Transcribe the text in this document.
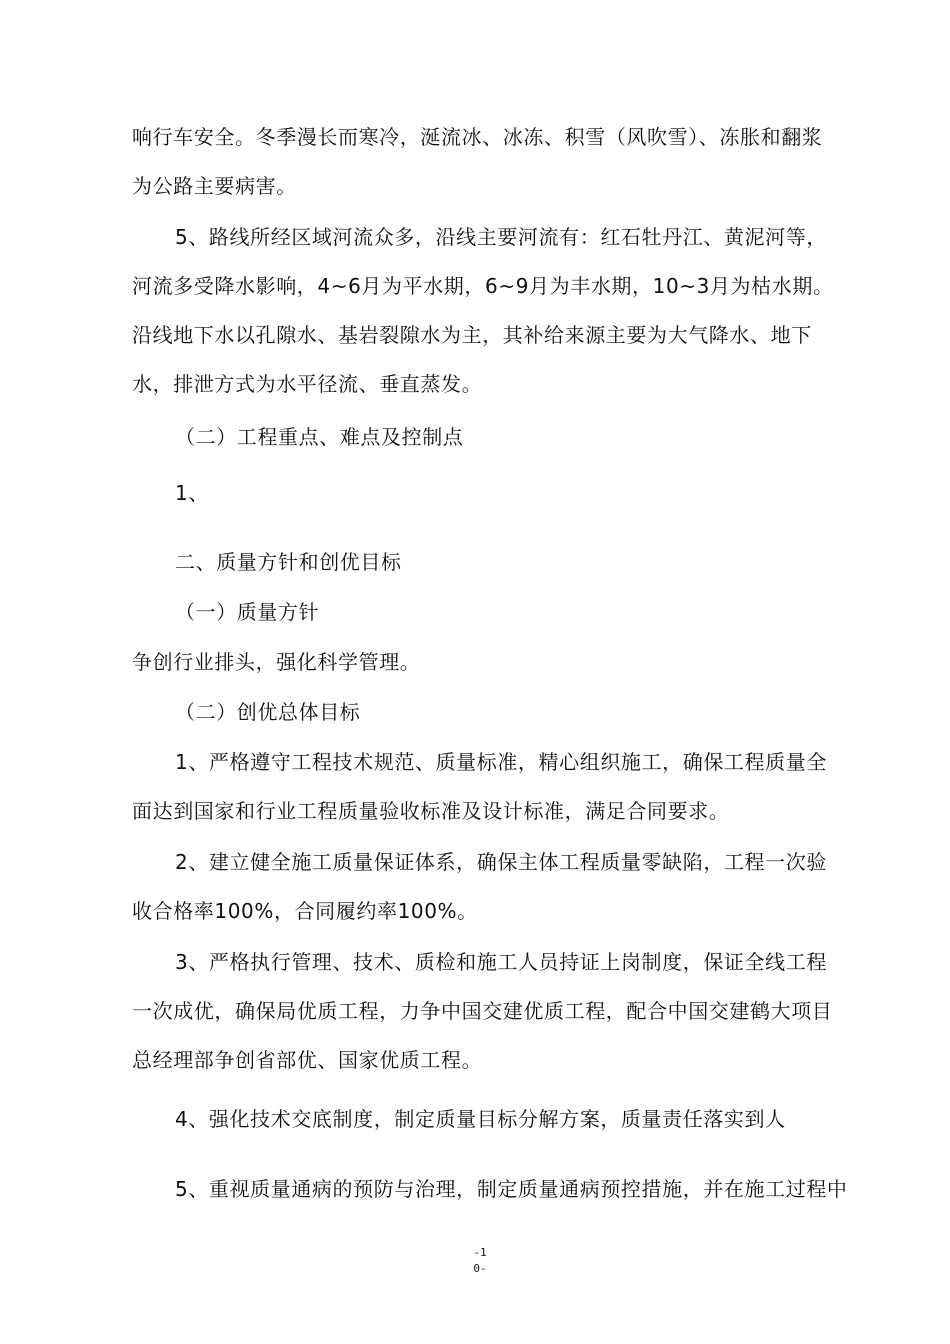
响行车安全。冬季漫长而寒冷，涎流冰、冰冻、积雪（风吹雪）、冻胀和翻浆为公路主要病害。
5、路线所经区域河流众多，沿线主要河流有：红石牡丹江、黄泥河等，河流多受降水影响，4~6月为平水期，6~9月为丰水期，10~3月为枯水期。沿线地下水以孔隙水、基岩裂隙水为主，其补给来源主要为大气降水、地下水，排泄方式为水平径流、垂直蒸发。
（二）工程重点、难点及控制点
1、
二、质量方针和创优目标
（一）质量方针
争创行业排头，强化科学管理。
（二）创优总体目标
1、严格遵守工程技术规范、质量标准，精心组织施工，确保工程质量全面达到国家和行业工程质量验收标准及设计标准，满足合同要求。
2、建立健全施工质量保证体系，确保主体工程质量零缺陷，工程一次验收合格率100%，合同履约率100%。
3、严格执行管理、技术、质检和施工人员持证上岗制度，保证全线工程一次成优，确保局优质工程，力争中国交建优质工程，配合中国交建鹤大项目总经理部争创省部优、国家优质工程。
4、强化技术交底制度，制定质量目标分解方案，质量责任落实到人
5、重视质量通病的预防与治理，制定质量通病预控措施，并在施工过程中
-1
0-
